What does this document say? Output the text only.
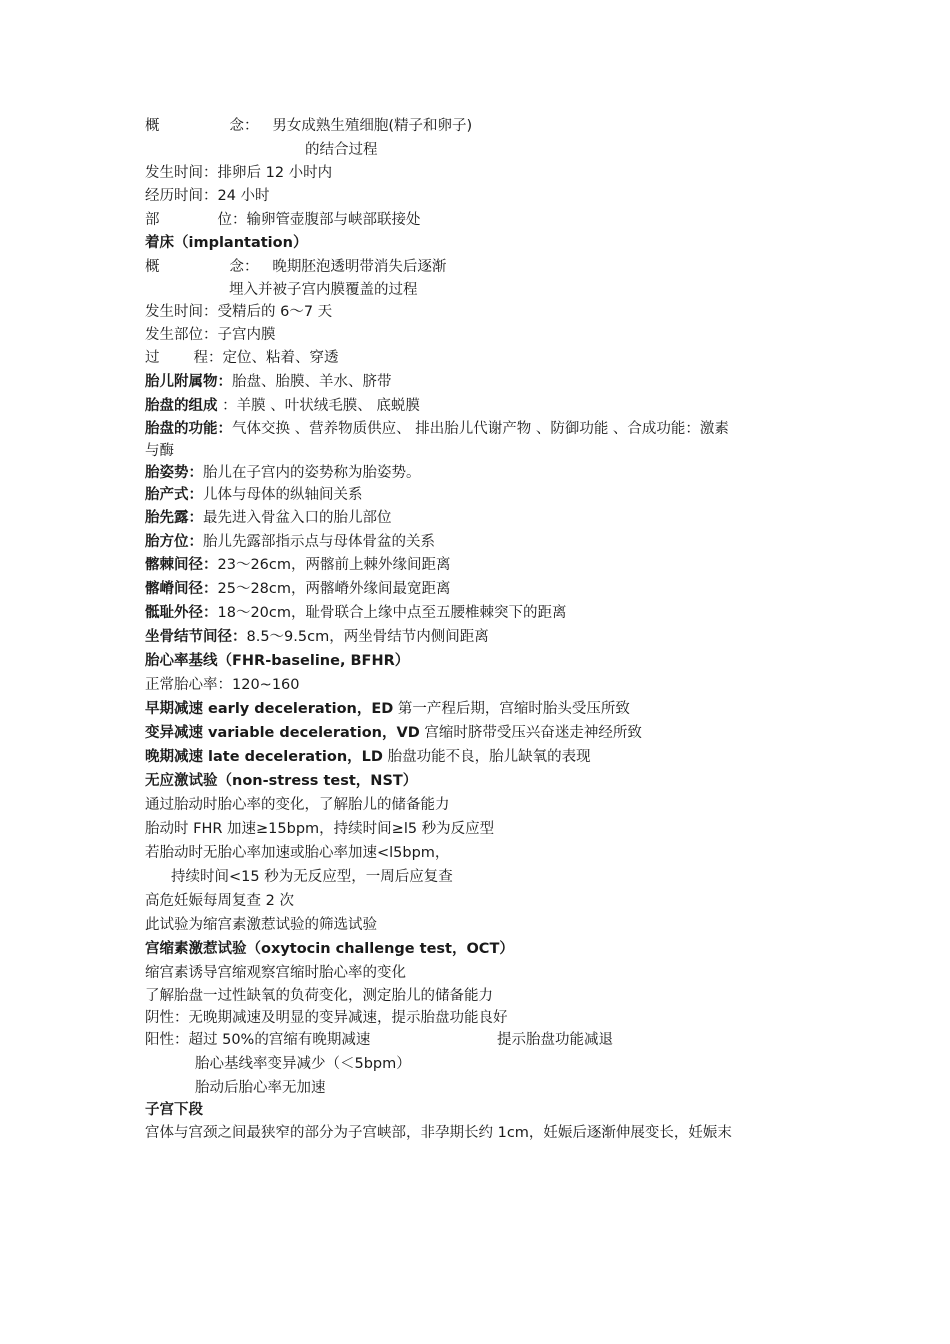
概	念： 男女成熟生殖细胞(精子和卵子)
的结合过程
发生时间：排卵后 12 小时内
经历时间：24 小时
部	位：输卵管壶腹部与峡部联接处
着床（implantation）
概	念： 晚期胚泡透明带消失后逐渐
埋入并被子宫内膜覆盖的过程
发生时间：受精后的 6～7 天
发生部位：子宫内膜
过 程：定位、粘着、穿透
胎儿附属物：胎盘、胎膜、羊水、脐带
胎盘的组成 ：羊膜 、叶状绒毛膜、 底蜕膜
胎盘的功能：气体交换 、营养物质供应、 排出胎儿代谢产物 、防御功能 、合成功能：激素
与酶
胎姿势：胎儿在子宫内的姿势称为胎姿势。
胎产式：儿体与母体的纵轴间关系
胎先露：最先进入骨盆入口的胎儿部位
胎方位：胎儿先露部指示点与母体骨盆的关系
髂棘间径：23～26cm，两髂前上棘外缘间距离
髂嵴间径：25～28cm，两髂嵴外缘间最宽距离
骶耻外径：18～20cm，耻骨联合上缘中点至五腰椎棘突下的距离
坐骨结节间径：8.5～9.5cm，两坐骨结节内侧间距离
胎心率基线（FHR-baseline, BFHR）
正常胎心率：120~160
早期减速 early deceleration，ED 第一产程后期，宫缩时胎头受压所致
变异减速 variable deceleration，VD 宫缩时脐带受压兴奋迷走神经所致
晚期减速 late deceleration，LD 胎盘功能不良，胎儿缺氧的表现
无应激试验（non-stress test，NST）
通过胎动时胎心率的变化，了解胎儿的储备能力
胎动时 FHR 加速≥15bpm，持续时间≥l5 秒为反应型
若胎动时无胎心率加速或胎心率加速<l5bpm，
持续时间<15 秒为无反应型，一周后应复查
高危妊娠每周复查 2 次
此试验为缩宫素激惹试验的筛选试验
宫缩素激惹试验（oxytocin challenge test，OCT）
缩宫素诱导宫缩观察宫缩时胎心率的变化
了解胎盘一过性缺氧的负荷变化，测定胎儿的储备能力
阴性：无晚期减速及明显的变异减速，提示胎盘功能良好
阳性：超过 50%的宫缩有晚期减速	提示胎盘功能减退
胎心基线率变异减少（＜5bpm）
胎动后胎心率无加速
子宫下段
宫体与宫颈之间最狭窄的部分为子宫峡部，非孕期长约 1cm，妊娠后逐渐伸展变长，妊娠末
